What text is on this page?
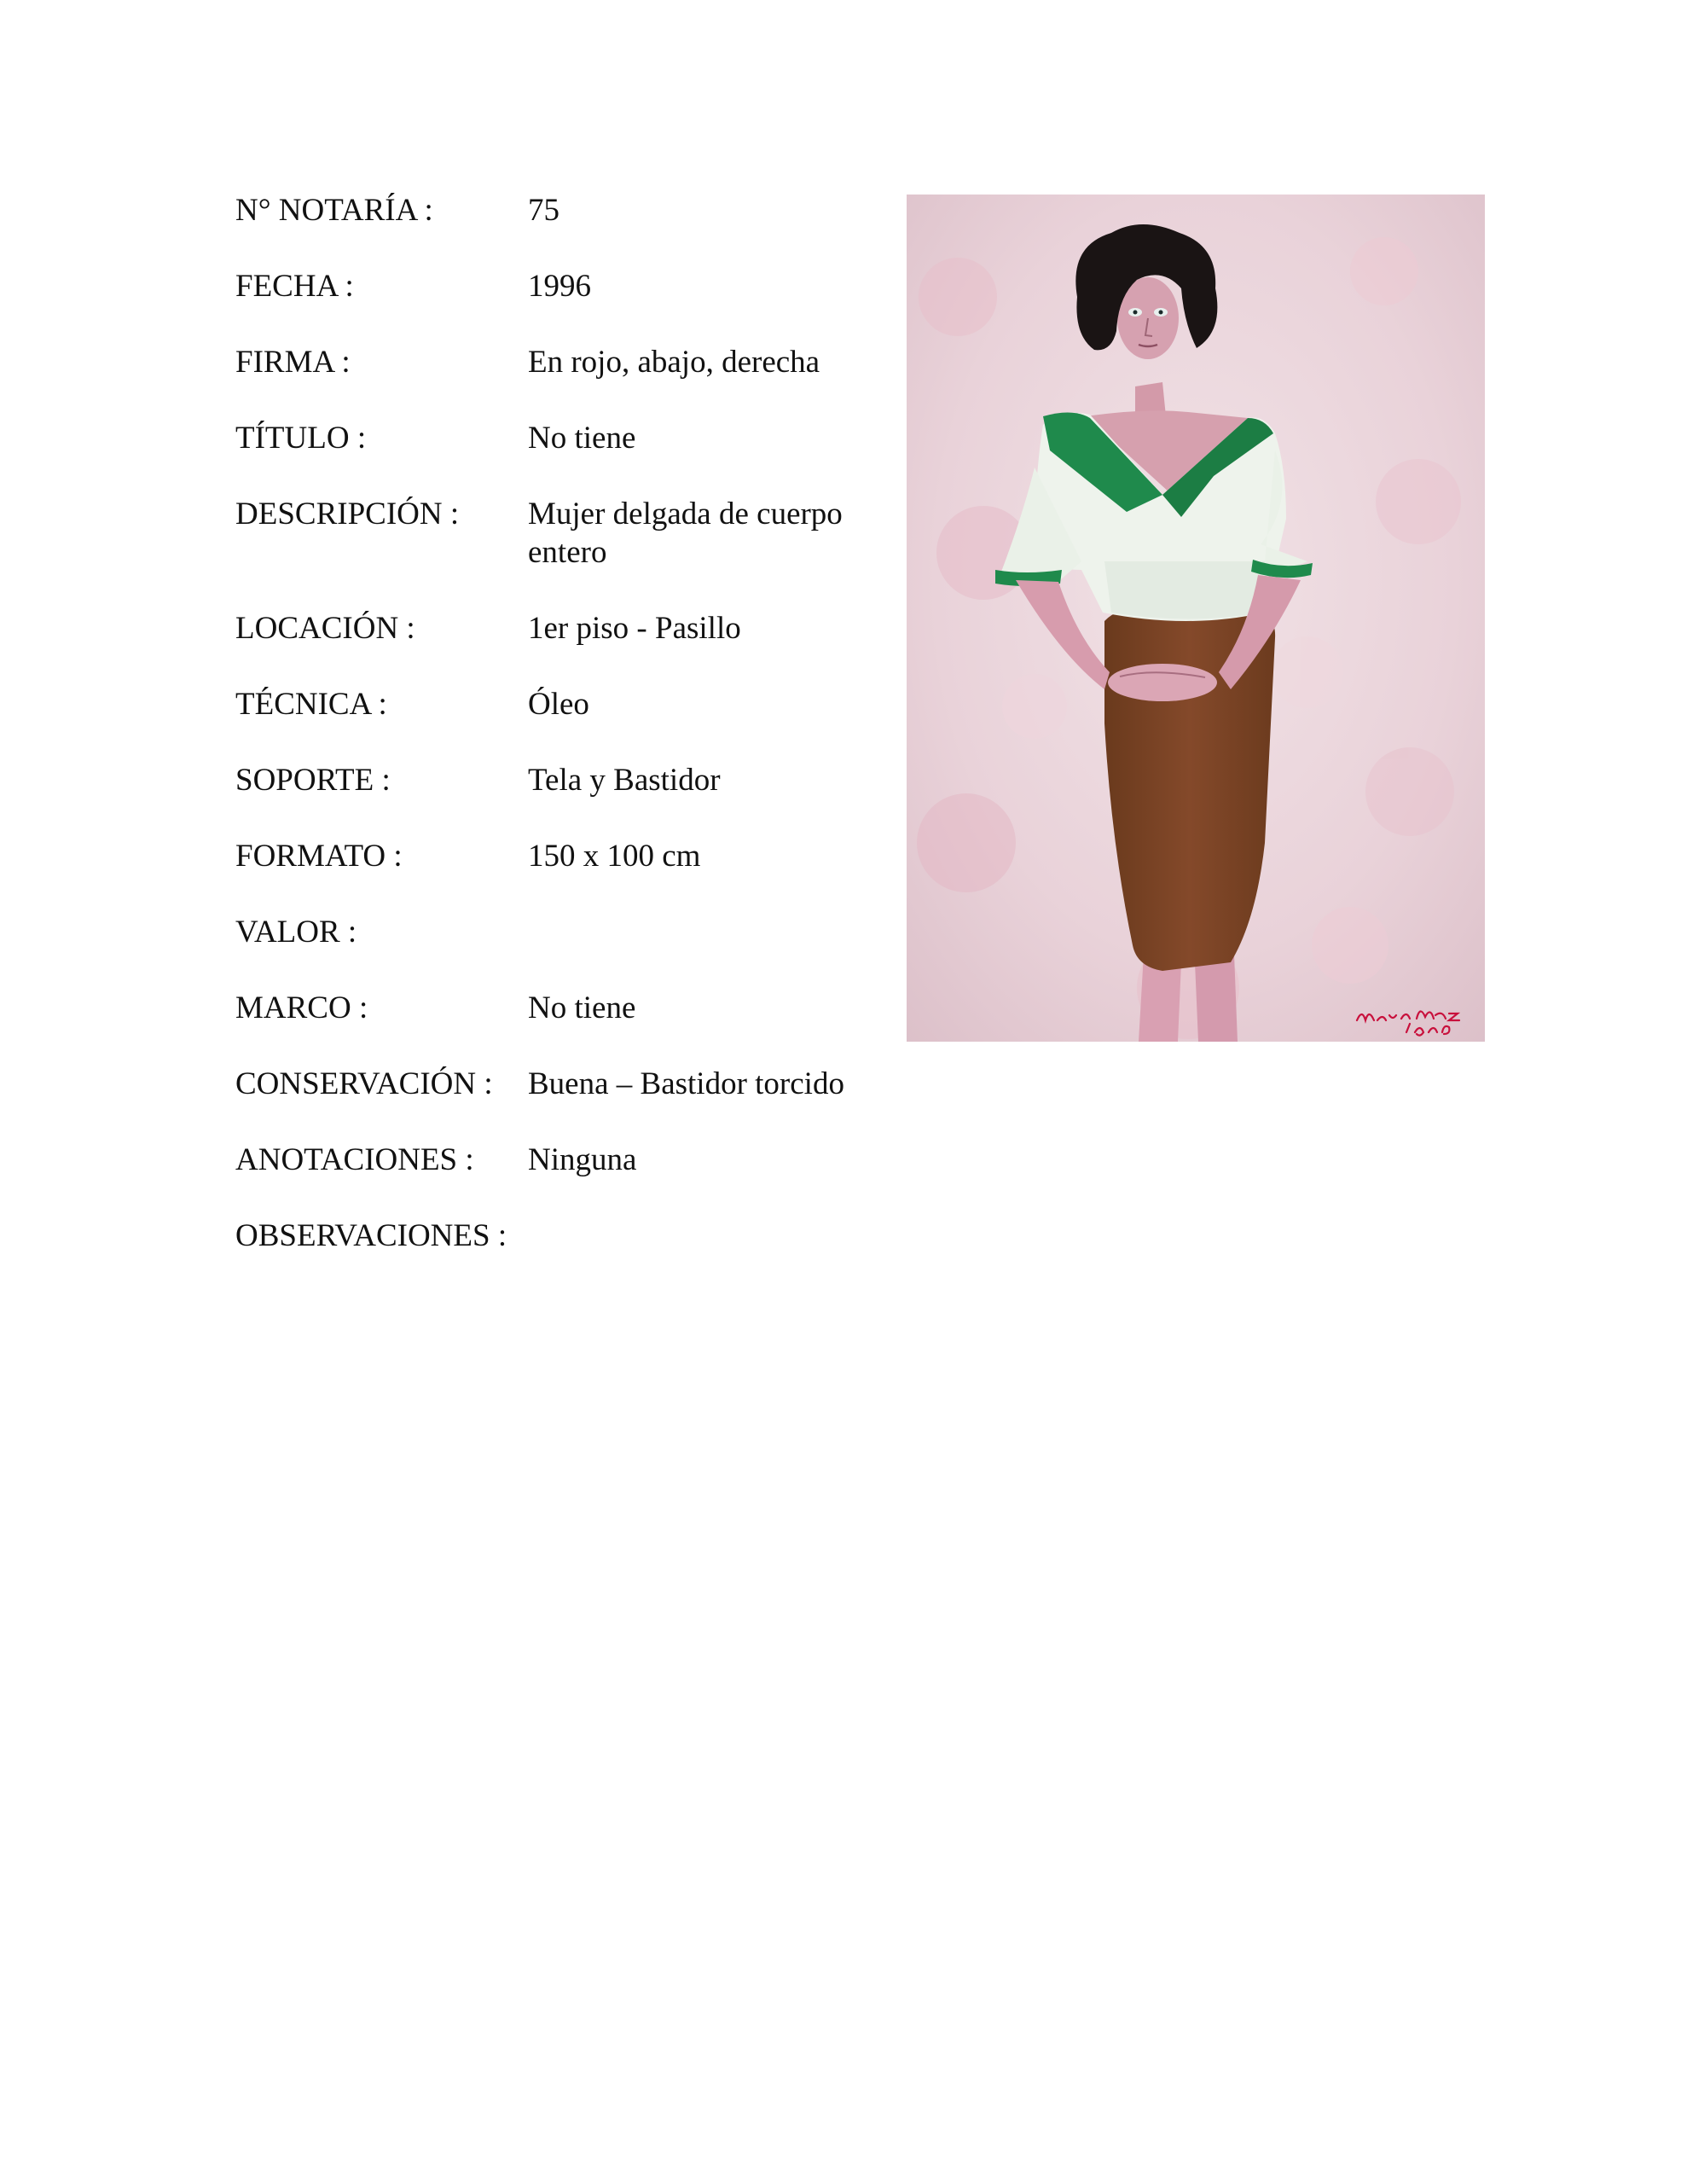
N° NOTARÍA :	75
FECHA :	1996
FIRMA :	En rojo, abajo, derecha
TÍTULO :	No tiene
DESCRIPCIÓN :	Mujer delgada de cuerpo entero
LOCACIÓN :	1er piso - Pasillo
TÉCNICA :	Óleo
SOPORTE :	Tela y Bastidor
FORMATO :	150 x 100 cm
VALOR :
MARCO :	No tiene
CONSERVACIÓN :	Buena – Bastidor torcido
ANOTACIONES :	Ninguna
OBSERVACIONES :
